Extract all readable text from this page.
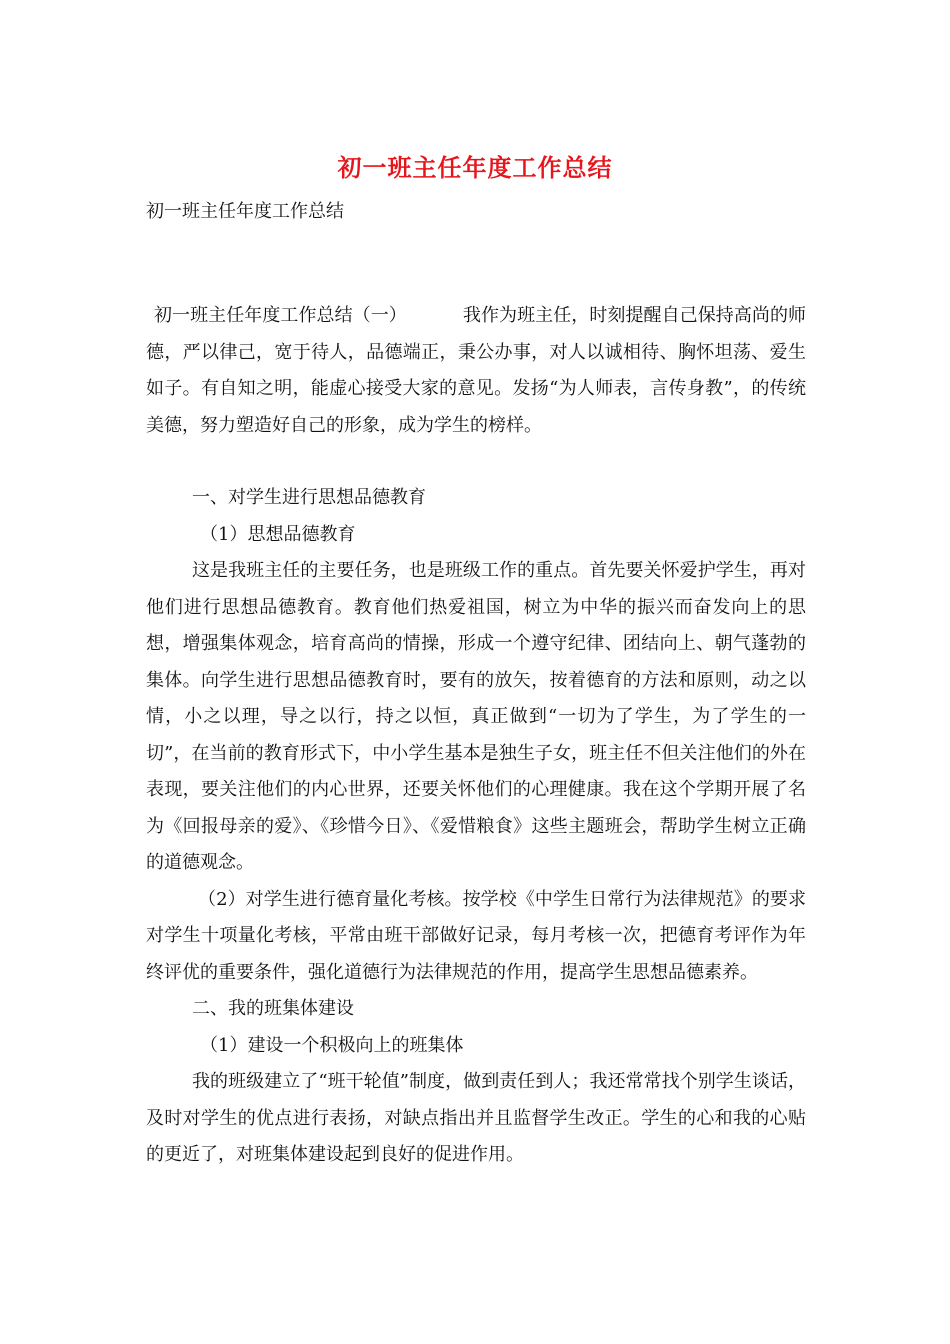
初一班主任年度工作总结

初一班主任年度工作总结

初一班主任年度工作总结（一）	我作为班主任，时刻提醒自己保持高尚的师德，严以律己，宽于待人，品德端正，秉公办事，对人以诚相待、胸怀坦荡、爱生如子。有自知之明，能虚心接受大家的意见。发扬“为人师表，言传身教”，的传统美德，努力塑造好自己的形象，成为学生的榜样。

一、对学生进行思想品德教育

（1）思想品德教育

这是我班主任的主要任务，也是班级工作的重点。首先要关怀爱护学生，再对他们进行思想品德教育。教育他们热爱祖国，树立为中华的振兴而奋发向上的思想，增强集体观念，培育高尚的情操，形成一个遵守纪律、团结向上、朝气蓬勃的集体。向学生进行思想品德教育时，要有的放矢，按着德育的方法和原则，动之以情，小之以理，导之以行，持之以恒，真正做到“一切为了学生，为了学生的一切”，在当前的教育形式下，中小学生基本是独生子女，班主任不但关注他们的外在表现，要关注他们的内心世界，还要关怀他们的心理健康。我在这个学期开展了名为《回报母亲的爱》、《珍惜今日》、《爱惜粮食》这些主题班会，帮助学生树立正确的道德观念。

（2）对学生进行德育量化考核。按学校《中学生日常行为法律规范》的要求对学生十项量化考核，平常由班干部做好记录，每月考核一次，把德育考评作为年终评优的重要条件，强化道德行为法律规范的作用，提高学生思想品德素养。

二、我的班集体建设

（1）建设一个积极向上的班集体

我的班级建立了“班干轮值”制度，做到责任到人；我还常常找个别学生谈话，及时对学生的优点进行表扬，对缺点指出并且监督学生改正。学生的心和我的心贴的更近了，对班集体建设起到良好的促进作用。
